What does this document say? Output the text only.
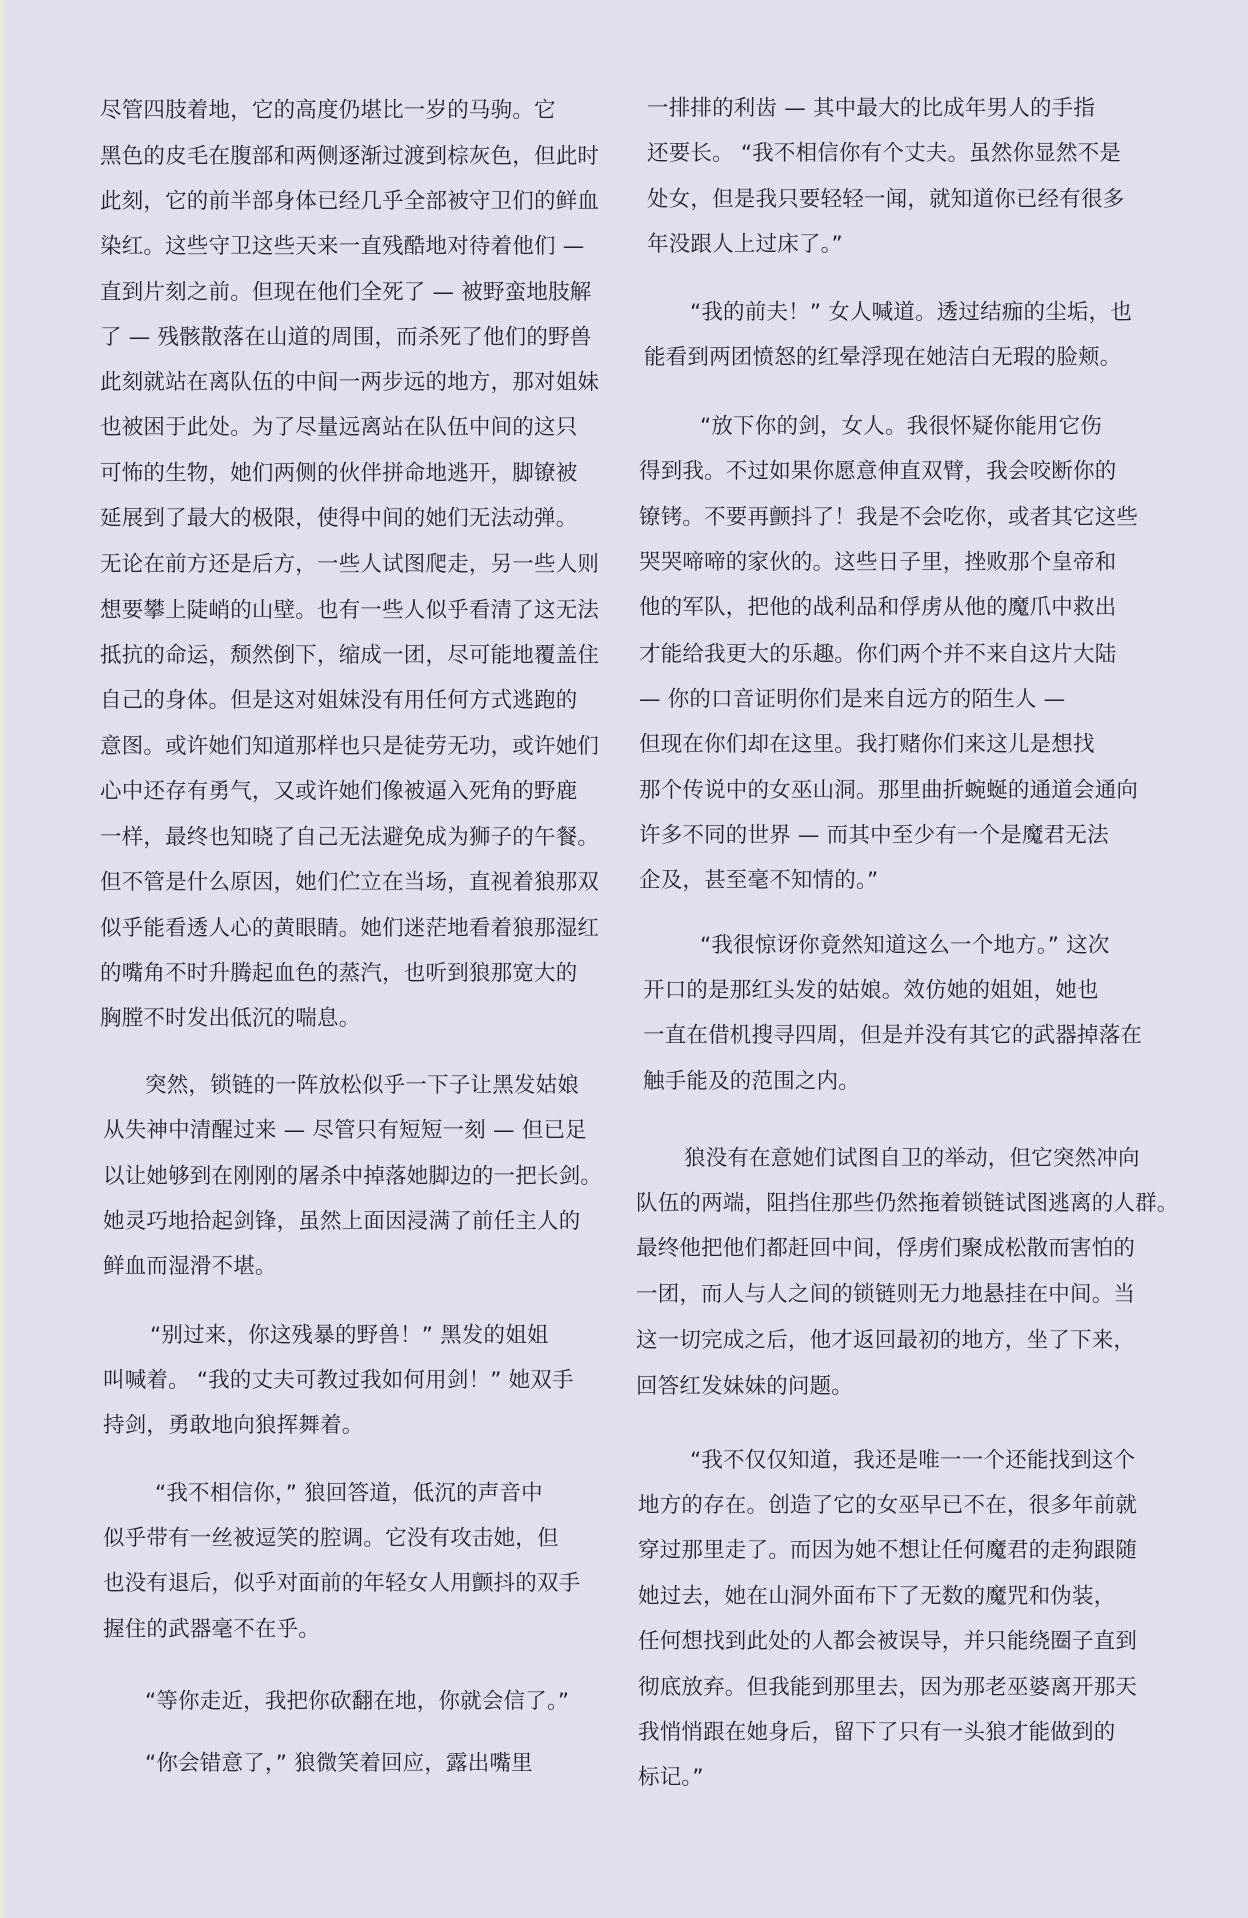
尽管四肢着地，它的高度仍堪比一岁的马驹。它
黑色的皮毛在腹部和两侧逐渐过渡到棕灰色，但此时
此刻，它的前半部身体已经几乎全部被守卫们的鲜血
染红。这些守卫这些天来一直残酷地对待着他们 —
直到片刻之前。但现在他们全死了 — 被野蛮地肢解
了 — 残骸散落在山道的周围，而杀死了他们的野兽
此刻就站在离队伍的中间一两步远的地方，那对姐妹
也被困于此处。为了尽量远离站在队伍中间的这只
可怖的生物，她们两侧的伙伴拼命地逃开，脚镣被
延展到了最大的极限，使得中间的她们无法动弹。
无论在前方还是后方，一些人试图爬走，另一些人则
想要攀上陡峭的山壁。也有一些人似乎看清了这无法
抵抗的命运，颓然倒下，缩成一团，尽可能地覆盖住
自己的身体。但是这对姐妹没有用任何方式逃跑的
意图。或许她们知道那样也只是徒劳无功，或许她们
心中还存有勇气，又或许她们像被逼入死角的野鹿
一样，最终也知晓了自己无法避免成为狮子的午餐。
但不管是什么原因，她们伫立在当场，直视着狼那双
似乎能看透人心的黄眼睛。她们迷茫地看着狼那湿红
的嘴角不时升腾起血色的蒸汽，也听到狼那宽大的
胸膛不时发出低沉的喘息。
突然，锁链的一阵放松似乎一下子让黑发姑娘
从失神中清醒过来 — 尽管只有短短一刻 — 但已足
以让她够到在刚刚的屠杀中掉落她脚边的一把长剑。
她灵巧地拾起剑锋，虽然上面因浸满了前任主人的
鲜血而湿滑不堪。
“别过来，你这残暴的野兽！” 黑发的姐姐
叫喊着。 “我的丈夫可教过我如何用剑！” 她双手
持剑，勇敢地向狼挥舞着。
“我不相信你，” 狼回答道，低沉的声音中
似乎带有一丝被逗笑的腔调。它没有攻击她，但
也没有退后，似乎对面前的年轻女人用颤抖的双手
握住的武器毫不在乎。
“等你走近，我把你砍翻在地，你就会信了。”
“你会错意了，” 狼微笑着回应，露出嘴里
一排排的利齿 — 其中最大的比成年男人的手指
还要长。 “我不相信你有个丈夫。虽然你显然不是
处女，但是我只要轻轻一闻，就知道你已经有很多
年没跟人上过床了。”
“我的前夫！” 女人喊道。透过结痂的尘垢，也
能看到两团愤怒的红晕浮现在她洁白无瑕的脸颊。
“放下你的剑，女人。我很怀疑你能用它伤
得到我。不过如果你愿意伸直双臂，我会咬断你的
镣铐。不要再颤抖了！我是不会吃你，或者其它这些
哭哭啼啼的家伙的。这些日子里，挫败那个皇帝和
他的军队，把他的战利品和俘虏从他的魔爪中救出
才能给我更大的乐趣。你们两个并不来自这片大陆
— 你的口音证明你们是来自远方的陌生人 —
但现在你们却在这里。我打赌你们来这儿是想找
那个传说中的女巫山洞。那里曲折蜿蜒的通道会通向
许多不同的世界 — 而其中至少有一个是魔君无法
企及，甚至毫不知情的。”
“我很惊讶你竟然知道这么一个地方。” 这次
开口的是那红头发的姑娘。效仿她的姐姐，她也
一直在借机搜寻四周，但是并没有其它的武器掉落在
触手能及的范围之内。
狼没有在意她们试图自卫的举动，但它突然冲向
队伍的两端，阻挡住那些仍然拖着锁链试图逃离的人群。
最终他把他们都赶回中间，俘虏们聚成松散而害怕的
一团，而人与人之间的锁链则无力地悬挂在中间。当
这一切完成之后，他才返回最初的地方，坐了下来，
回答红发妹妹的问题。
“我不仅仅知道，我还是唯一一个还能找到这个
地方的存在。创造了它的女巫早已不在，很多年前就
穿过那里走了。而因为她不想让任何魔君的走狗跟随
她过去，她在山洞外面布下了无数的魔咒和伪装，
任何想找到此处的人都会被误导，并只能绕圈子直到
彻底放弃。但我能到那里去，因为那老巫婆离开那天
我悄悄跟在她身后，留下了只有一头狼才能做到的
标记。”
